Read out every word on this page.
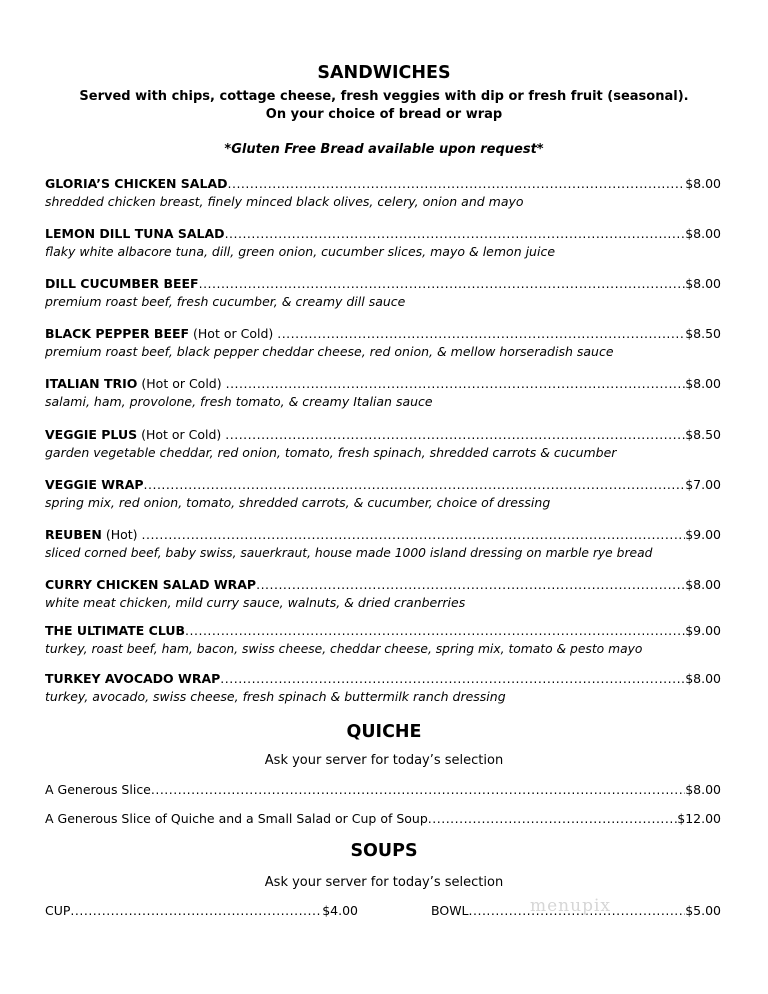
SANDWICHES
Served with chips, cottage cheese, fresh veggies with dip or fresh fruit (seasonal).
On your choice of bread or wrap
*Gluten Free Bread available upon request*
GLORIA’S CHICKEN SALAD .....	$8.00
shredded chicken breast, finely minced black olives, celery, onion and mayo
LEMON DILL TUNA SALAD .....	$8.00
flaky white albacore tuna, dill, green onion, cucumber slices, mayo & lemon juice
DILL CUCUMBER BEEF .....	$8.00
premium roast beef, fresh cucumber, & creamy dill sauce
BLACK PEPPER BEEF (Hot or Cold) .....	$8.50
premium roast beef, black pepper cheddar cheese, red onion, & mellow horseradish sauce
ITALIAN TRIO (Hot or Cold) .....	$8.00
salami, ham, provolone, fresh tomato, & creamy Italian sauce
VEGGIE PLUS (Hot or Cold) .....	$8.50
garden vegetable cheddar, red onion, tomato, fresh spinach, shredded carrots & cucumber
VEGGIE WRAP .....	$7.00
spring mix, red onion, tomato, shredded carrots, & cucumber, choice of dressing
REUBEN (Hot) .....	$9.00
sliced corned beef, baby swiss, sauerkraut, house made 1000 island dressing on marble rye bread
CURRY CHICKEN SALAD WRAP .....	$8.00
white meat chicken, mild curry sauce, walnuts, & dried cranberries
THE ULTIMATE CLUB .....	$9.00
turkey, roast beef, ham, bacon, swiss cheese, cheddar cheese, spring mix, tomato & pesto mayo
TURKEY AVOCADO WRAP .....	$8.00
turkey, avocado, swiss cheese, fresh spinach & buttermilk ranch dressing
QUICHE
Ask your server for today’s selection
A Generous Slice .....	$8.00
A Generous Slice of Quiche and a Small Salad or Cup of Soup .....	$12.00
SOUPS
Ask your server for today’s selection
CUP .....	$4.00	BOWL .....	$5.00
menupix
